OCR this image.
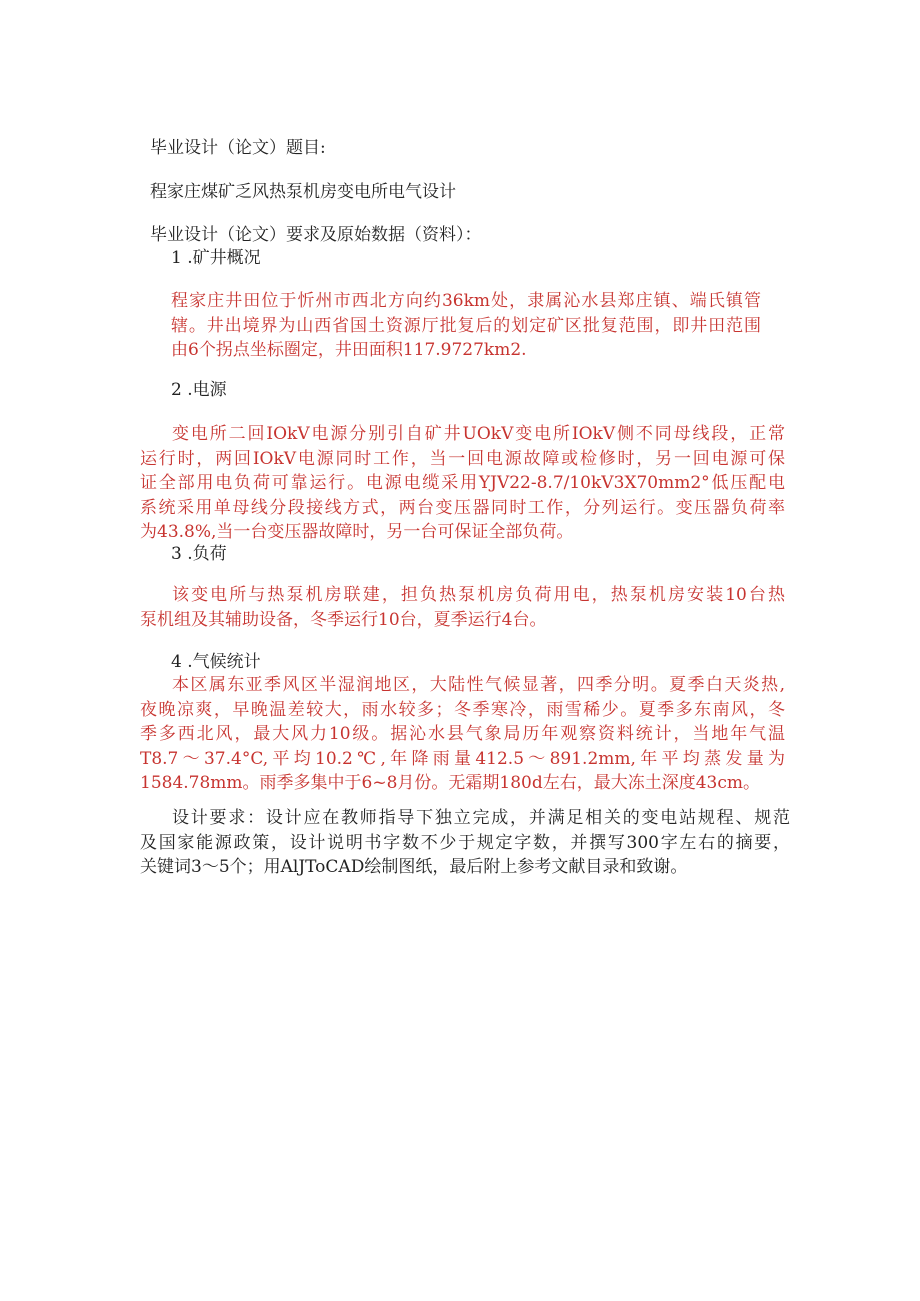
毕业设计（论文）题目:
程家庄煤矿乏风热泵机房变电所电气设计
毕业设计（论文）要求及原始数据（资料）：
1 .矿井概况
程家庄井田位于忻州市西北方向约36km处，隶属沁水县郑庄镇、端氏镇管
辖。井出境界为山西省国土资源厅批复后的划定矿区批复范围，即井田范围
由6个拐点坐标圈定，井田面积117.9727km2.
2 .电源
变电所二回IOkV电源分别引自矿井UOkV变电所IOkV侧不同母线段，正常
运行时，两回IOkV电源同时工作，当一回电源故障或检修时，另一回电源可保
证全部用电负荷可靠运行。电源电缆采用YJV22-8.7/10kV3X70mm2°低压配电
系统采用单母线分段接线方式，两台变压器同时工作，分列运行。变压器负荷率
为43.8%,当一台变压器故障时，另一台可保证全部负荷。
3 .负荷
该变电所与热泵机房联建，担负热泵机房负荷用电，热泵机房安装10台热
泵机组及其辅助设备，冬季运行10台，夏季运行4台。
4 .气候统计
本区属东亚季风区半湿润地区，大陆性气候显著，四季分明。夏季白天炎热,
夜晚凉爽，早晚温差较大，雨水较多；冬季寒冷，雨雪稀少。夏季多东南风，冬
季多西北风，最大风力10级。据沁水县气象局历年观察资料统计，当地年气温
T8.7～37.4°C,平均10.2℃,年降雨量412.5～891.2mm,年平均蒸发量为
1584.78mm。雨季多集中于6~8月份。无霜期180d左右，最大冻土深度43cm。
设计要求：设计应在教师指导下独立完成，并满足相关的变电站规程、规范
及国家能源政策，设计说明书字数不少于规定字数，并撰写300字左右的摘要，
关键词3～5个；用AlJToCAD绘制图纸，最后附上参考文献目录和致谢。
